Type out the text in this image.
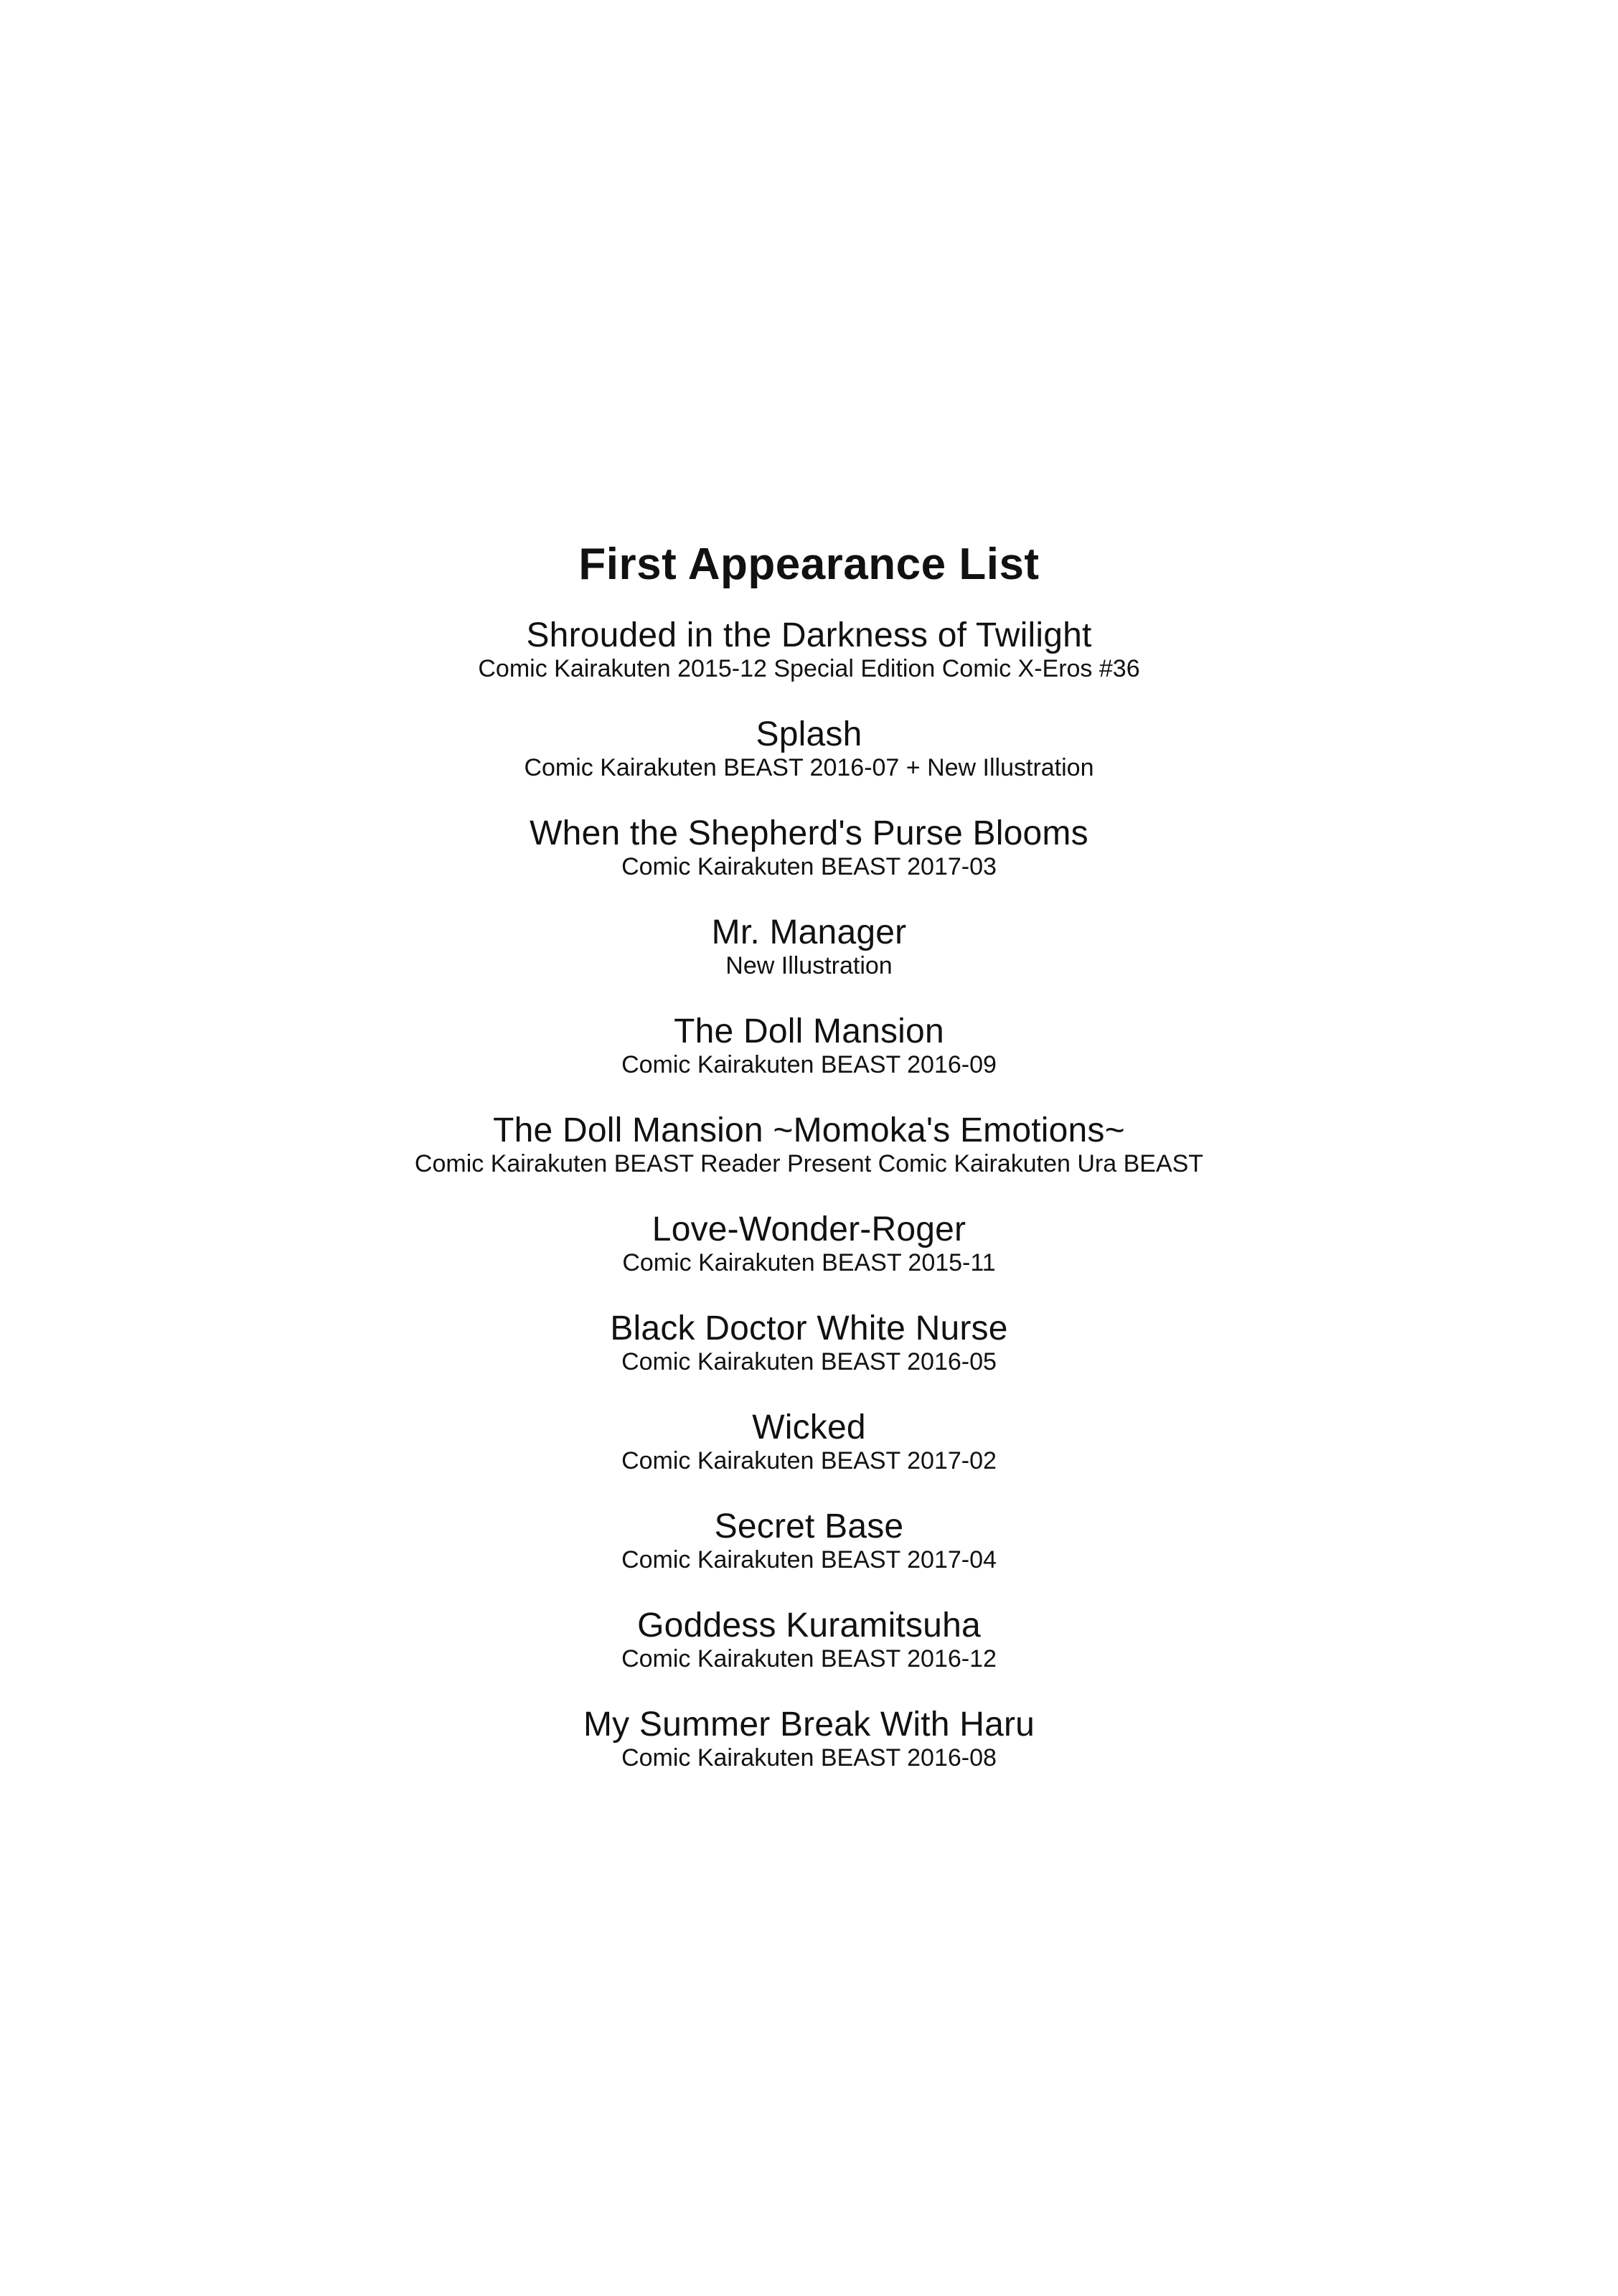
First Appearance List
Shrouded in the Darkness of Twilight
Comic Kairakuten 2015-12 Special Edition Comic X-Eros #36
Splash
Comic Kairakuten BEAST 2016-07 + New Illustration
When the Shepherd's Purse Blooms
Comic Kairakuten BEAST 2017-03
Mr. Manager
New Illustration
The Doll Mansion
Comic Kairakuten BEAST 2016-09
The Doll Mansion ~Momoka's Emotions~
Comic Kairakuten BEAST Reader Present Comic Kairakuten Ura BEAST
Love-Wonder-Roger
Comic Kairakuten BEAST 2015-11
Black Doctor White Nurse
Comic Kairakuten BEAST 2016-05
Wicked
Comic Kairakuten BEAST 2017-02
Secret Base
Comic Kairakuten BEAST 2017-04
Goddess Kuramitsuha
Comic Kairakuten BEAST 2016-12
My Summer Break With Haru
Comic Kairakuten BEAST 2016-08
